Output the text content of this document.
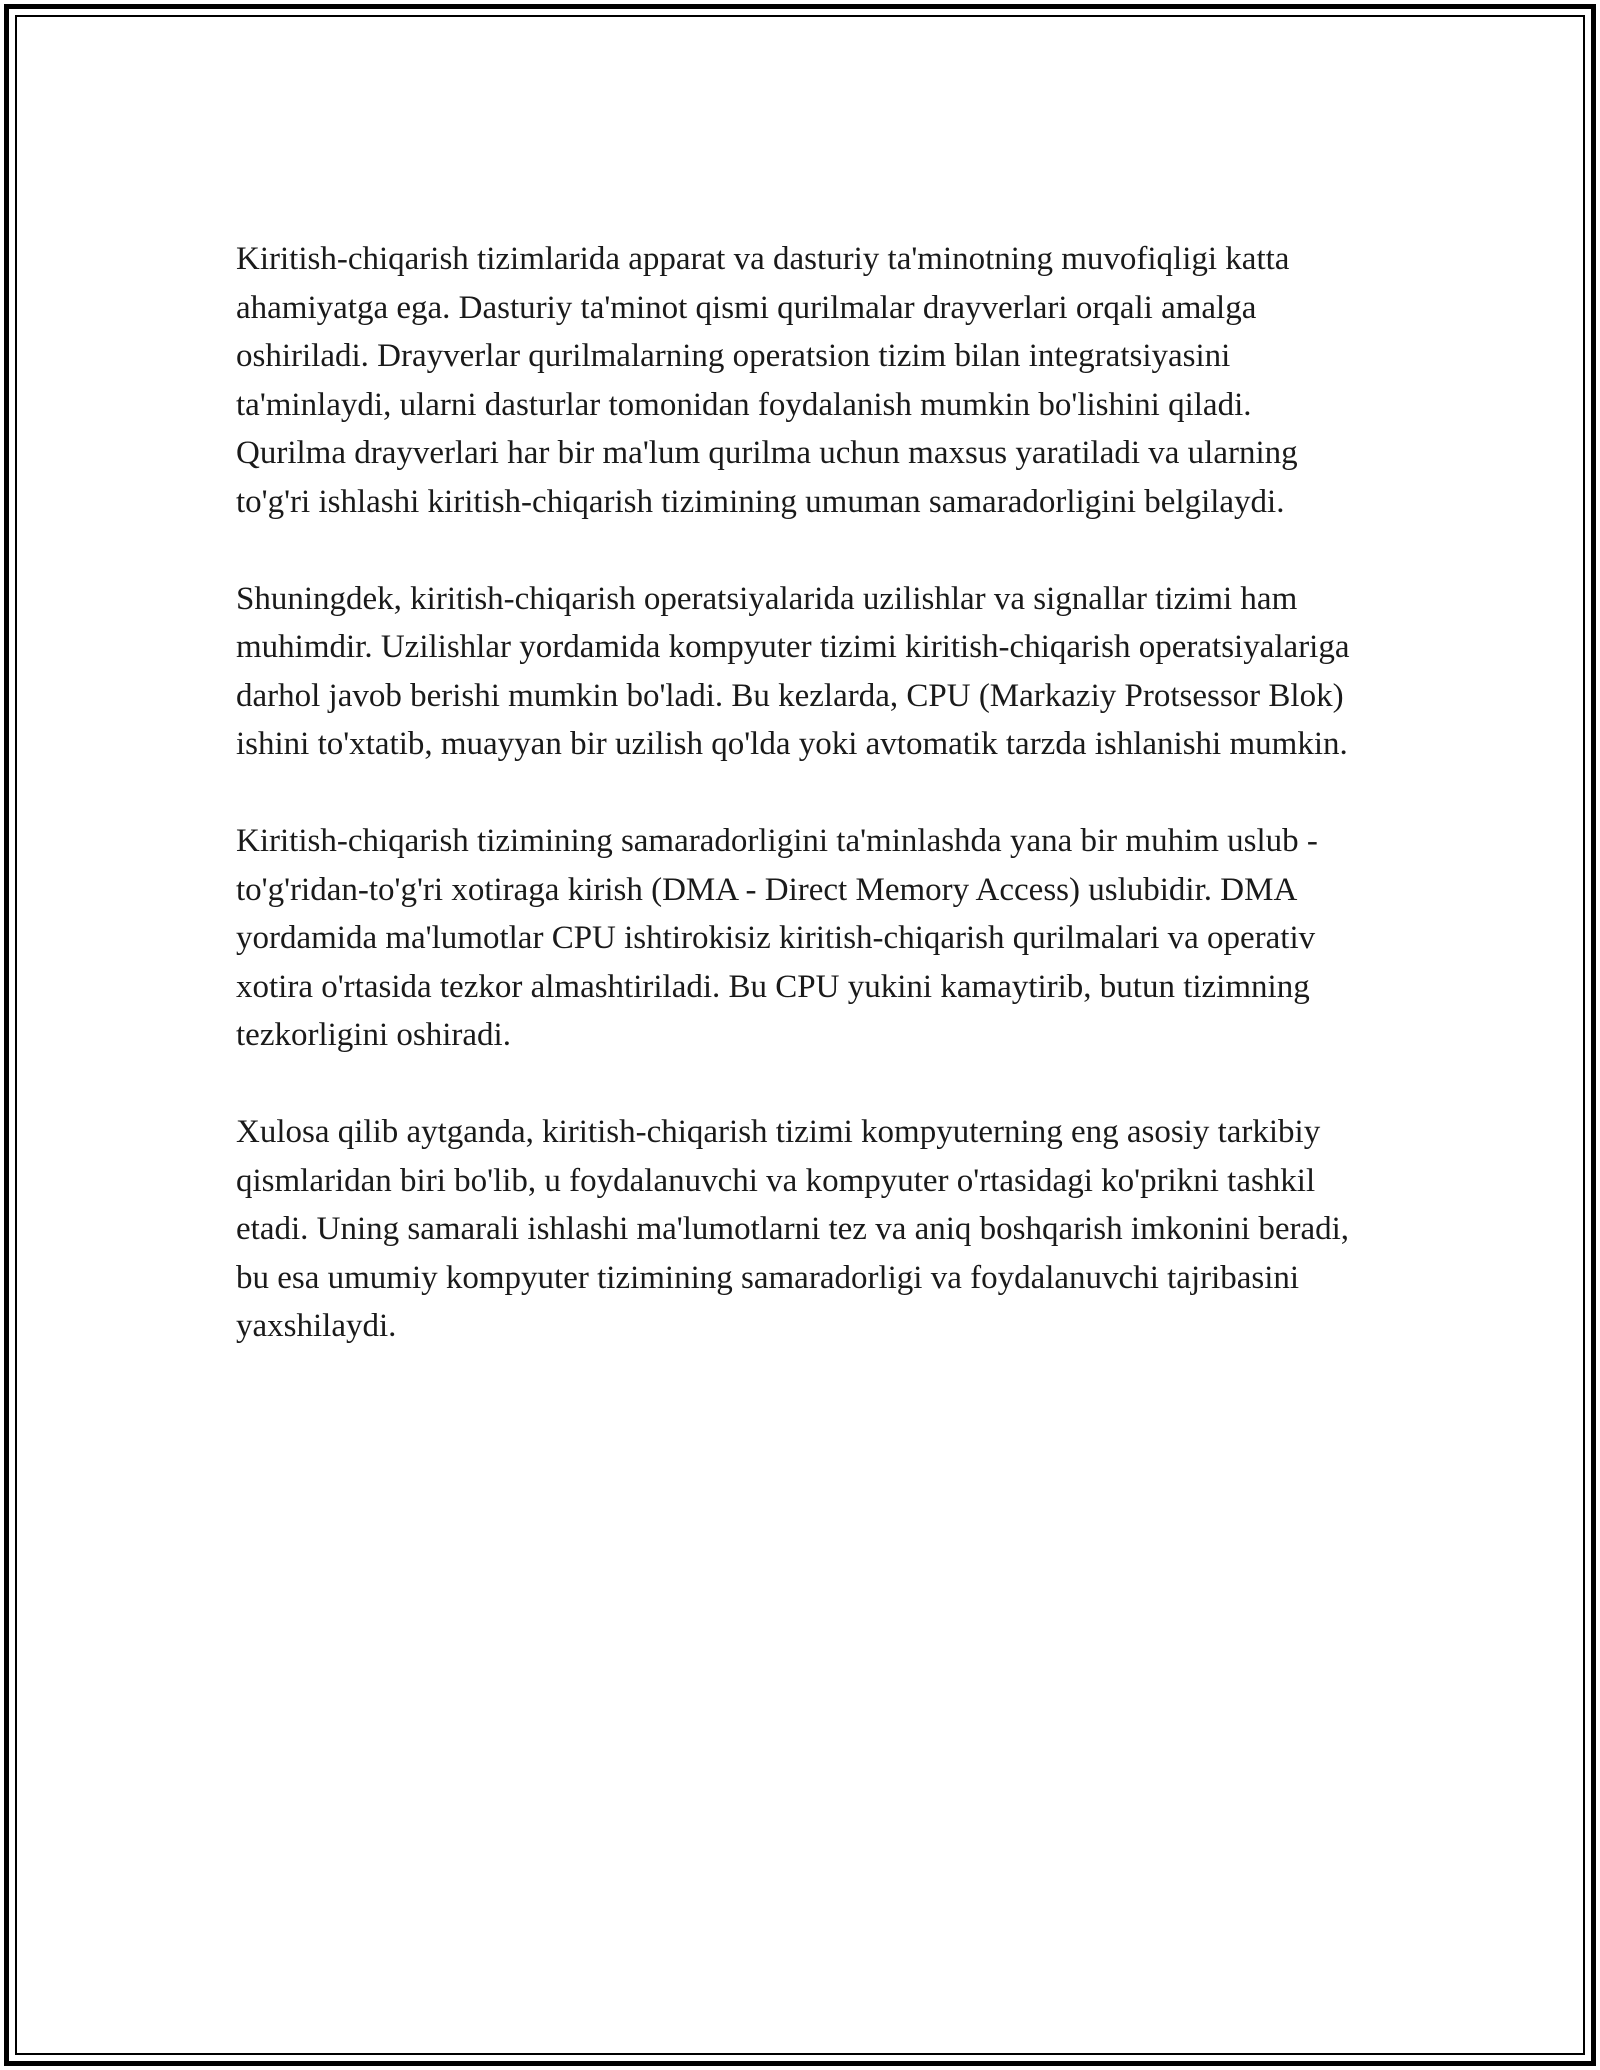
Kiritish-chiqarish tizimlarida apparat va dasturiy ta'minotning muvofiqligi katta ahamiyatga ega. Dasturiy ta'minot qismi qurilmalar drayverlari orqali amalga oshiriladi. Drayverlar qurilmalarning operatsion tizim bilan integratsiyasini ta'minlaydi, ularni dasturlar tomonidan foydalanish mumkin bo'lishini qiladi. Qurilma drayverlari har bir ma'lum qurilma uchun maxsus yaratiladi va ularning to'g'ri ishlashi kiritish-chiqarish tizimining umuman samaradorligini belgilaydi.

Shuningdek, kiritish-chiqarish operatsiyalarida uzilishlar va signallar tizimi ham muhimdir. Uzilishlar yordamida kompyuter tizimi kiritish-chiqarish operatsiyalariga darhol javob berishi mumkin bo'ladi. Bu kezlarda, CPU (Markaziy Protsessor Blok) ishini to'xtatib, muayyan bir uzilish qo'lda yoki avtomatik tarzda ishlanishi mumkin.

Kiritish-chiqarish tizimining samaradorligini ta'minlashda yana bir muhim uslub - to'g'ridan-to'g'ri xotiraga kirish (DMA - Direct Memory Access) uslubidir. DMA yordamida ma'lumotlar CPU ishtirokisiz kiritish-chiqarish qurilmalari va operativ xotira o'rtasida tezkor almashtiriladi. Bu CPU yukini kamaytirib, butun tizimning tezkorligini oshiradi.

Xulosa qilib aytganda, kiritish-chiqarish tizimi kompyuterning eng asosiy tarkibiy qismlaridan biri bo'lib, u foydalanuvchi va kompyuter o'rtasidagi ko'prikni tashkil etadi. Uning samarali ishlashi ma'lumotlarni tez va aniq boshqarish imkonini beradi, bu esa umumiy kompyuter tizimining samaradorligi va foydalanuvchi tajribasini yaxshilaydi.
